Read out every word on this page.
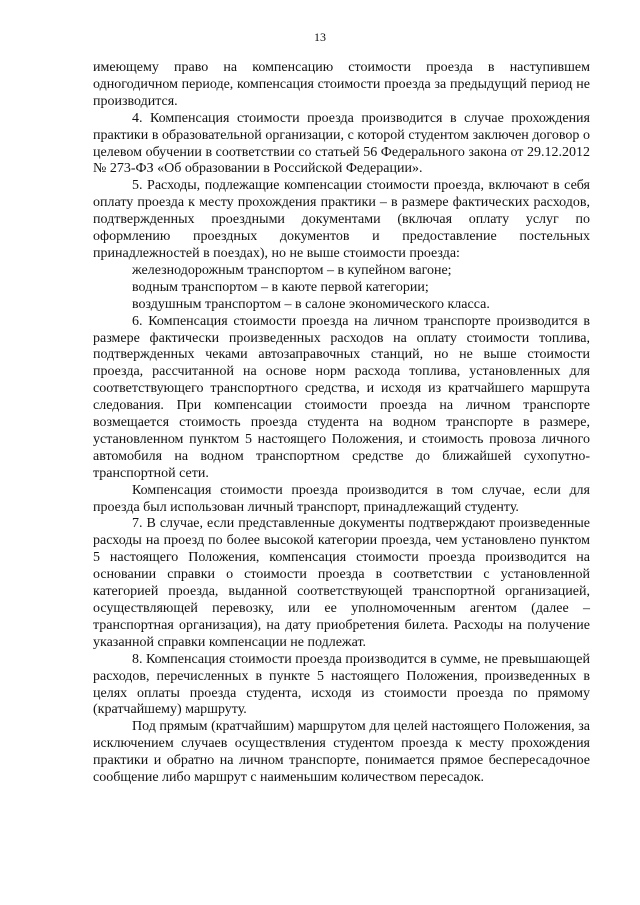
13

имеющему право на компенсацию стоимости проезда в наступившем одногодичном периоде, компенсация стоимости проезда за предыдущий период не производится.

4. Компенсация стоимости проезда производится в случае прохождения практики в образовательной организации, с которой студентом заключен договор о целевом обучении в соответствии со статьей 56 Федерального закона от 29.12.2012 № 273-ФЗ «Об образовании в Российской Федерации».

5. Расходы, подлежащие компенсации стоимости проезда, включают в себя оплату проезда к месту прохождения практики – в размере фактических расходов, подтвержденных проездными документами (включая оплату услуг по оформлению проездных документов и предоставление постельных принадлежностей в поездах), но не выше стоимости проезда:

железнодорожным транспортом – в купейном вагоне;

водным транспортом – в каюте первой категории;

воздушным транспортом – в салоне экономического класса.

6. Компенсация стоимости проезда на личном транспорте производится в размере фактически произведенных расходов на оплату стоимости топлива, подтвержденных чеками автозаправочных станций, но не выше стоимости проезда, рассчитанной на основе норм расхода топлива, установленных для соответствующего транспортного средства, и исходя из кратчайшего маршрута следования. При компенсации стоимости проезда на личном транспорте возмещается стоимость проезда студента на водном транспорте в размере, установленном пунктом 5 настоящего Положения, и стоимость провоза личного автомобиля на водном транспортном средстве до ближайшей сухопутно-транспортной сети.

Компенсация стоимости проезда производится в том случае, если для проезда был использован личный транспорт, принадлежащий студенту.

7. В случае, если представленные документы подтверждают произведенные расходы на проезд по более высокой категории проезда, чем установлено пунктом 5 настоящего Положения, компенсация стоимости проезда производится на основании справки о стоимости проезда в соответствии с установленной категорией проезда, выданной соответствующей транспортной организацией, осуществляющей перевозку, или ее уполномоченным агентом (далее – транспортная организация), на дату приобретения билета. Расходы на получение указанной справки компенсации не подлежат.

8. Компенсация стоимости проезда производится в сумме, не превышающей расходов, перечисленных в пункте 5 настоящего Положения, произведенных в целях оплаты проезда студента, исходя из стоимости проезда по прямому (кратчайшему) маршруту.

Под прямым (кратчайшим) маршрутом для целей настоящего Положения, за исключением случаев осуществления студентом проезда к месту прохождения практики и обратно на личном транспорте, понимается прямое беспересадочное сообщение либо маршрут с наименьшим количеством пересадок.
